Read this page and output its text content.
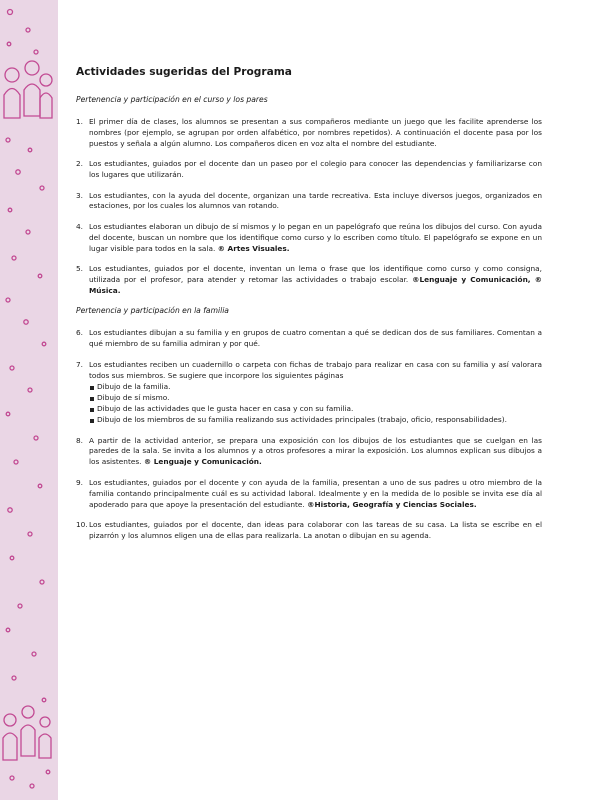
Actividades sugeridas del Programa
Pertenencia y participación en el curso y los pares
1. El primer día de clases, los alumnos se presentan a sus compañeros mediante un juego que les facilite aprenderse los nombres (por ejemplo, se agrupan por orden alfabético, por nombres repetidos). A continuación el docente pasa por los puestos y señala a algún alumno. Los compañeros dicen en voz alta el nombre del estudiante.
2. Los estudiantes, guiados por el docente dan un paseo por el colegio para conocer las dependencias y familiarizarse con los lugares que utilizarán.
3. Los estudiantes, con la ayuda del docente, organizan una tarde recreativa. Esta incluye diversos juegos, organizados en estaciones, por los cuales los alumnos van rotando.
4. Los estudiantes elaboran un dibujo de sí mismos y lo pegan en un papelógrafo que reúna los dibujos del curso. Con ayuda del docente, buscan un nombre que los identifique como curso y lo escriben como título. El papelógrafo se expone en un lugar visible para todos en la sala. ® Artes Visuales.
5. Los estudiantes, guiados por el docente, inventan un lema o frase que los identifique como curso y como consigna, utilizada por el profesor, para atender y retomar las actividades o trabajo escolar. ®Lenguaje y Comunicación, ® Música.
Pertenencia y participación en la familia
6. Los estudiantes dibujan a su familia y en grupos de cuatro comentan a qué se dedican dos de sus familiares. Comentan a qué miembro de su familia admiran y por qué.
7. Los estudiantes reciben un cuadernillo o carpeta con fichas de trabajo para realizar en casa con su familia y así valorara todos sus miembros. Se sugiere que incorpore los siguientes páginas
Dibujo de la familia.
Dibujo de sí mismo.
Dibujo de las actividades que le gusta hacer en casa y con su familia.
Dibujo de los miembros de su familia realizando sus actividades principales (trabajo, oficio, responsabilidades).
8. A partir de la actividad anterior, se prepara una exposición con los dibujos de los estudiantes que se cuelgan en las paredes de la sala. Se invita a los alumnos y a otros profesores a mirar la exposición. Los alumnos explican sus dibujos a los asistentes. ® Lenguaje y Comunicación.
9. Los estudiantes, guiados por el docente y con ayuda de la familia, presentan a uno de sus padres u otro miembro de la familia contando principalmente cuál es su actividad laboral. Idealmente y en la medida de lo posible se invita ese día al apoderado para que apoye la presentación del estudiante. ®Historia, Geografía y Ciencias Sociales.
10. Los estudiantes, guiados por el docente, dan ideas para colaborar con las tareas de su casa. La lista se escribe en el pizarrón y los alumnos eligen una de ellas para realizarla. La anotan o dibujan en su agenda.
